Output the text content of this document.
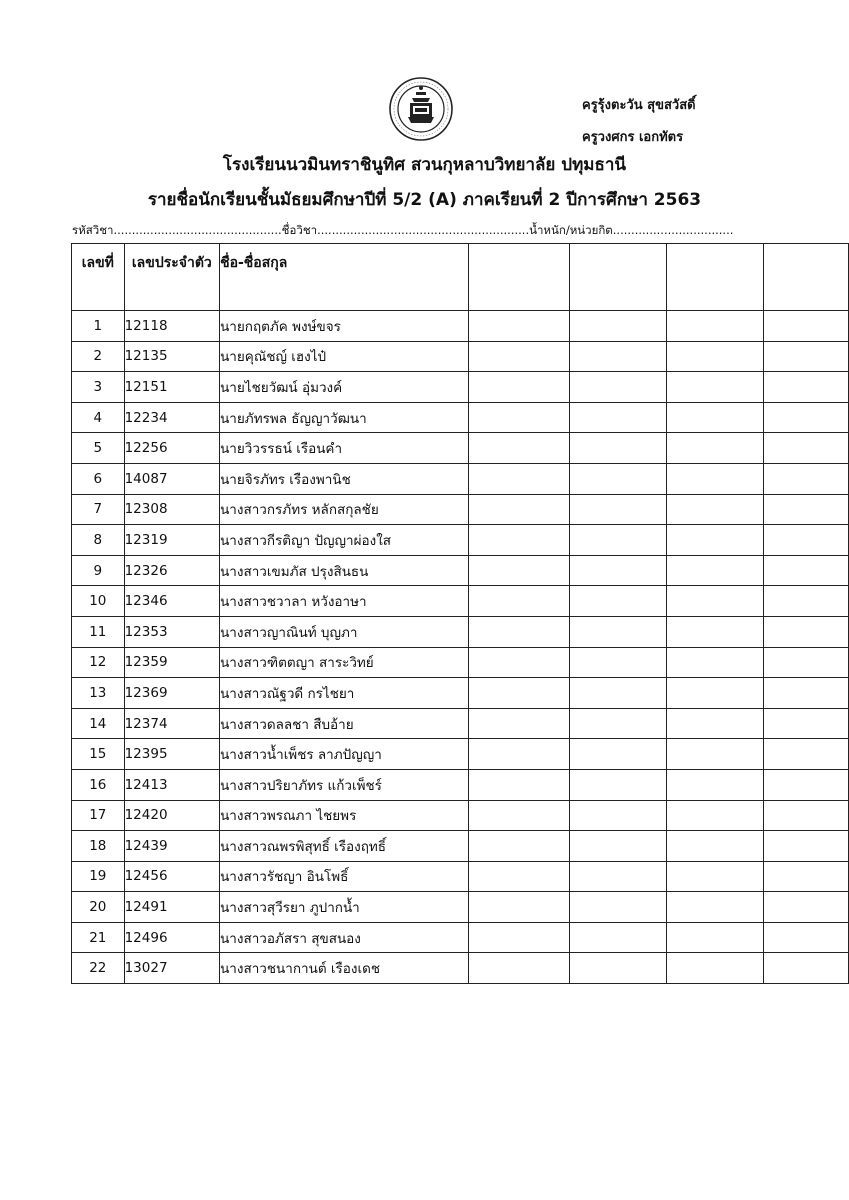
ครูรุ้งตะวัน สุขสวัสดิ์
ครูวงศกร เอกทัตร
โรงเรียนนวมินทราชินูทิศ สวนกุหลาบวิทยาลัย ปทุมธานี
รายชื่อนักเรียนชั้นมัธยมศึกษาปีที่ 5/2 (A) ภาคเรียนที่ 2 ปีการศึกษา 2563
รหัสวิชา..............................................ชื่อวิชา..........................................................น้ำหนัก/หน่วยกิต.................................
เลขที่	เลขประจำตัว	ชื่อ-ชื่อสกุล				
1	12118	นายกฤตภัค พงษ์ขจร				
2	12135	นายคุณัชญ์ เฮงไป๋				
3	12151	นายไชยวัฒน์ อุ่มวงค์				
4	12234	นายภัทรพล ธัญญาวัฒนา				
5	12256	นายวิวรรธน์ เรือนคำ				
6	14087	นายจิรภัทร เรืองพานิช				
7	12308	นางสาวกรภัทร หลักสกุลชัย				
8	12319	นางสาวกีรติญา ปัญญาผ่องใส				
9	12326	นางสาวเขมภัส ปรุงสินธน				
10	12346	นางสาวชวาลา หวังอาษา				
11	12353	นางสาวญาณินท์ บุญภา				
12	12359	นางสาวฑิตตญา สาระวิทย์				
13	12369	นางสาวณัฐวดี กรไชยา				
14	12374	นางสาวดลลชา สืบอ้าย				
15	12395	นางสาวน้ำเพ็ชร ลาภปัญญา				
16	12413	นางสาวปริยาภัทร แก้วเพ็ชร์				
17	12420	นางสาวพรณภา ไชยพร				
18	12439	นางสาวณพรพิสุทธิ์ เรืองฤทธิ์				
19	12456	นางสาวรัชญา อินโพธิ์				
20	12491	นางสาวสุวีรยา ภูปากน้ำ				
21	12496	นางสาวอภัสรา สุขสนอง				
22	13027	นางสาวชนากานต์ เรืองเดช				
